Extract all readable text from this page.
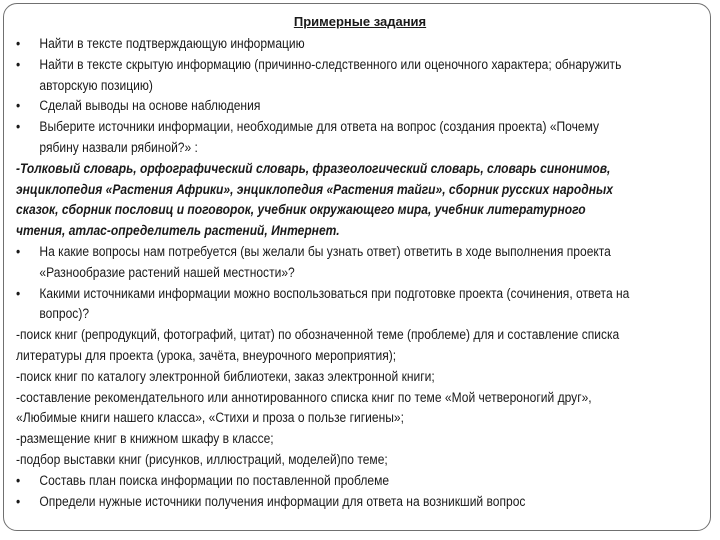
Примерные задания
• Найти в тексте подтверждающую информацию
• Найти в тексте скрытую информацию (причинно-следственного или оценочного характера; обнаружить авторскую позицию)
• Сделай выводы на основе наблюдения
• Выберите источники информации, необходимые для ответа на вопрос (создания проекта) «Почему рябину назвали рябиной?» :
-Толковый словарь, орфографический словарь, фразеологический словарь, словарь синонимов, энциклопедия «Растения Африки», энциклопедия «Растения тайги», сборник русских народных сказок, сборник пословиц и поговорок, учебник окружающего мира, учебник литературного чтения, атлас-определитель растений, Интернет.
• На какие вопросы нам потребуется (вы желали бы узнать ответ) ответить в ходе выполнения проекта «Разнообразие растений нашей местности»?
• Какими источниками информации можно воспользоваться при подготовке проекта (сочинения, ответа на вопрос)?
-поиск книг (репродукций, фотографий, цитат) по обозначенной теме (проблеме) для и составление списка литературы для проекта (урока, зачёта, внеурочного мероприятия);
-поиск книг по каталогу электронной библиотеки, заказ электронной книги;
-составление рекомендательного или аннотированного списка книг по теме «Мой четвероногий друг», «Любимые книги нашего класса», «Стихи и проза о пользе гигиены»;
-размещение книг в книжном шкафу в классе;
-подбор выставки книг (рисунков, иллюстраций, моделей)по теме;
• Составь план поиска информации по поставленной проблеме
• Определи нужные источники получения информации для ответа на возникший вопрос
